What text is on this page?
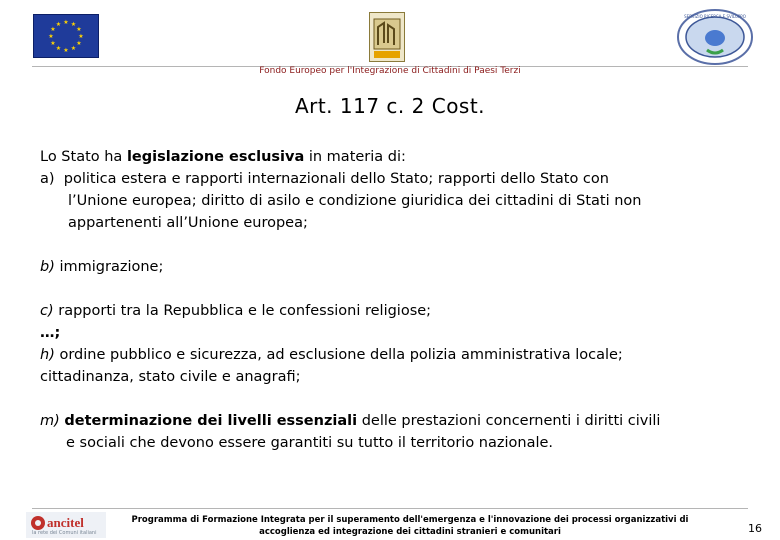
★ ★
★
★
★
★
★
★
★
★
★
★
SERVIZIO RICERCA E SVILUPPO
Fondo Europeo per l'Integrazione di Cittadini di Paesi Terzi
Art. 117 c. 2 Cost.

Lo Stato ha legislazione esclusiva in materia di:

a) politica estera e rapporti internazionali dello Stato; rapporti dello Stato con

l’Unione europea; diritto di asilo e condizione giuridica dei cittadini di Stati non

appartenenti all’Unione europea;

b) immigrazione;

c) rapporti tra la Repubblica e le confessioni religiose;

…;

h) ordine pubblico e sicurezza, ad esclusione della polizia amministrativa locale;

cittadinanza, stato civile e anagrafi;

m) determinazione dei livelli essenziali delle prestazioni concernenti i diritti civili

e sociali che devono essere garantiti su tutto il territorio nazionale.

ancitel
la rete dei Comuni italiani
Programma di Formazione Integrata per il superamento dell'emergenza e l'innovazione dei processi organizzativi di
accoglienza ed integrazione dei cittadini stranieri e comunitari	16
